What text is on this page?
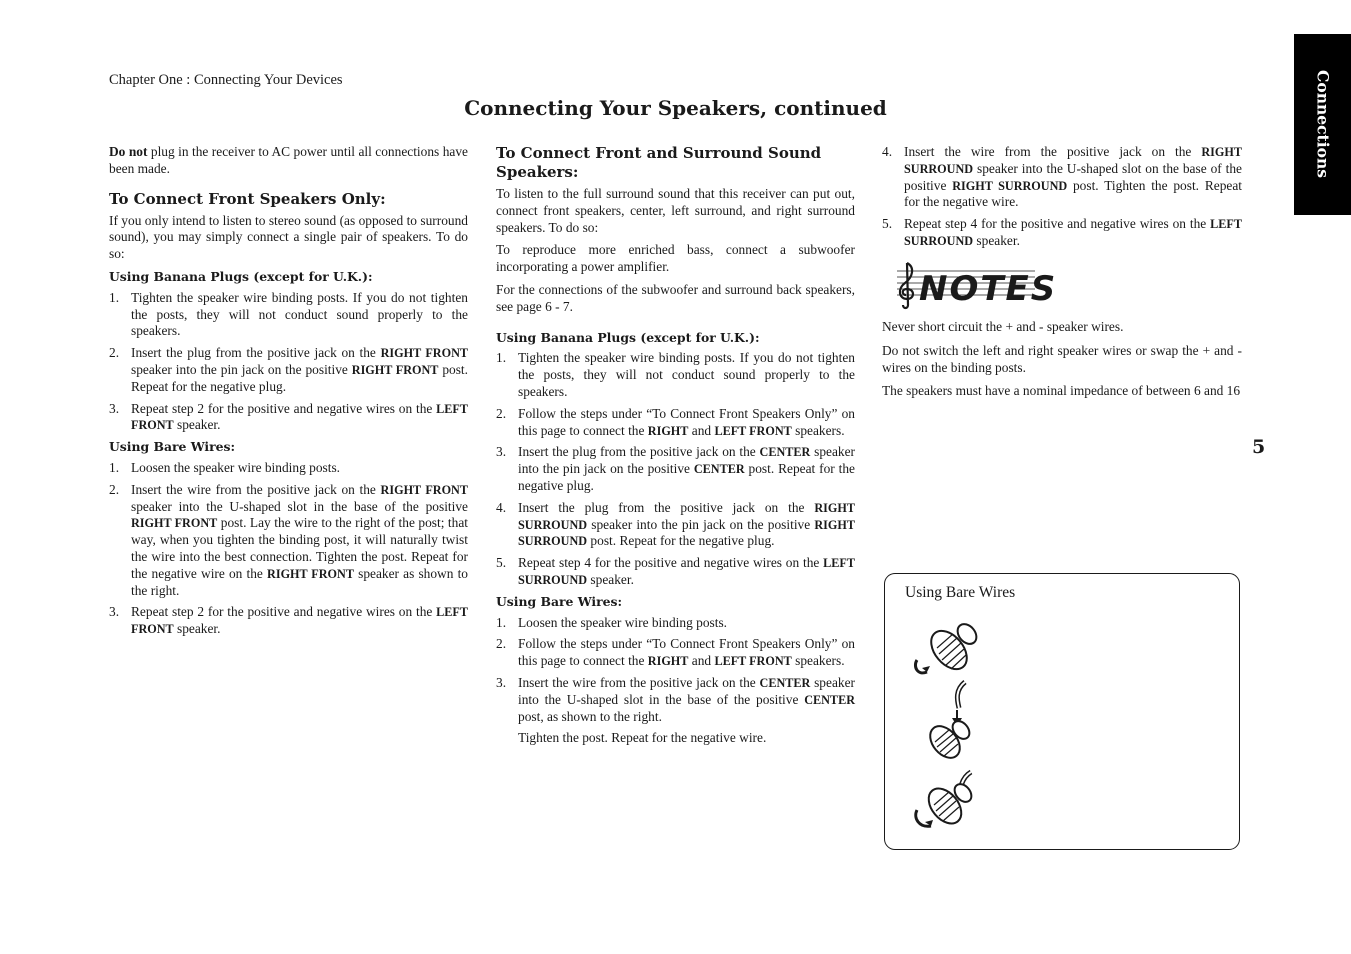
Chapter One : Connecting Your Devices
Connecting Your Speakers, continued	Connections
5

Do not plug in the receiver to AC power until all connections have been made.

To Connect Front Speakers Only:

If you only intend to listen to stereo sound (as opposed to surround sound), you may simply connect a single pair of speakers. To do so:

Using Banana Plugs (except for U.K.):
1. Tighten the speaker wire binding posts. If you do not tighten the posts, they will not conduct sound properly to the speakers.
2. Insert the plug from the positive jack on the RIGHT FRONT speaker into the pin jack on the positive RIGHT FRONT post. Repeat for the negative plug.
3. Repeat step 2 for the positive and negative wires on the LEFT FRONT speaker.
Using Bare Wires:
1. Loosen the speaker wire binding posts.
2. Insert the wire from the positive jack on the RIGHT FRONT speaker into the U-shaped slot in the base of the positive RIGHT FRONT post. Lay the wire to the right of the post; that way, when you tighten the binding post, it will naturally twist the wire into the best connection. Tighten the post. Repeat for the negative wire on the RIGHT FRONT speaker as shown to the right.
3. Repeat step 2 for the positive and negative wires on the LEFT FRONT speaker.
To Connect Front and Surround Sound Speakers:

To listen to the full surround sound that this receiver can put out, connect front speakers, center, left surround, and right surround speakers. To do so:

To reproduce more enriched bass, connect a subwoofer incorporating a power amplifier.

For the connections of the subwoofer and surround back speakers, see page 6 - 7.

Using Banana Plugs (except for U.K.):
1. Tighten the speaker wire binding posts. If you do not tighten the posts, they will not conduct sound properly to the speakers.
2. Follow the steps under “To Connect Front Speakers Only” on this page to connect the RIGHT and LEFT FRONT speakers.
3. Insert the plug from the positive jack on the CENTER speaker into the pin jack on the positive CENTER post. Repeat for the negative plug.
4. Insert the plug from the positive jack on the RIGHT SURROUND speaker into the pin jack on the positive RIGHT SURROUND post. Repeat for the negative plug.
5. Repeat step 4 for the positive and negative wires on the LEFT SURROUND speaker.
Using Bare Wires:
1. Loosen the speaker wire binding posts.
2. Follow the steps under “To Connect Front Speakers Only” on this page to connect the RIGHT and LEFT FRONT speakers.
3. Insert the wire from the positive jack on the CENTER speaker into the U-shaped slot in the base of the positive CENTER post, as shown to the right.
Tighten the post. Repeat for the negative wire.
4. Insert the wire from the positive jack on the RIGHT SURROUND speaker into the U-shaped slot on the base of the positive RIGHT SURROUND post. Tighten the post. Repeat for the negative wire.
5. Repeat step 4 for the positive and negative wires on the LEFT SURROUND speaker.
NOTES

Never short circuit the + and - speaker wires.

Do not switch the left and right speaker wires or swap the + and - wires on the binding posts.

The speakers must have a nominal impedance of between 6 and 16

Using Bare Wires
